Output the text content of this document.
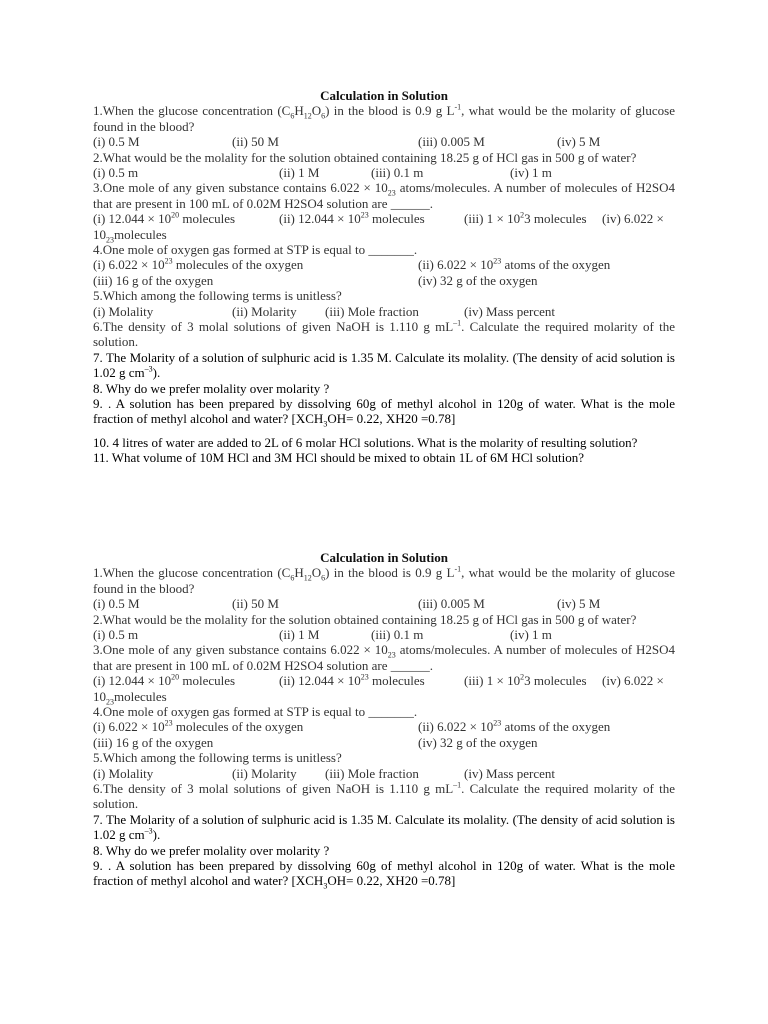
Calculation in Solution
1.When the glucose concentration $(C_6H_{12}O_6)$ in the blood is 0.9 g $L^{-1}$, what would be the molarity of glucose found in the blood?
(i) 0.5 M	(ii) 50 M	(iii) 0.005 M	(iv) 5 M
2.What would be the molality for the solution obtained containing 18.25 g of HCl gas in 500 g of water?
(i) 0.5 m	(ii) 1 M	(iii) 0.1 m	(iv) 1 m
3.One mole of any given substance contains $6.022 \times 10_{23}$ atoms/molecules. A number of molecules of H2SO4 that are present in 100 mL of 0.02M H2SO4 solution are ______.
(i) $12.044 \times 10^{20}$ molecules	(ii) $12.044 \times 10^{23}$ molecules	(iii) $1 \times 10^23$ molecules (iv) 6.022 ×
$10_{23}molecules$
4.One mole of oxygen gas formed at STP is equal to _______.
(i) $6.022 \times 10^{23}$ molecules of the oxygen	(ii) $6.022 \times 10^{23}$ atoms of the oxygen
(iii) 16 g of the oxygen	(iv) 32 g of the oxygen
5.Which among the following terms is unitless?
(i) Molality	(ii) Molarity (iii) Mole fraction	(iv) Mass percent
6.The density of 3 molal solutions of given NaOH is 1.110 g $mL^{-1}$. Calculate the required molarity of the solution.
7. The Molarity of a solution of sulphuric acid is 1.35 M. Calculate its molality. (The density of acid solution is 1.02 g $cm^{-3}$).
8. Why do we prefer molality over molarity ?
9. . A solution has been prepared by dissolving 60g of methyl alcohol in 120g of water. What is the mole fraction of methyl alcohol and water? [$XCH_3OH= 0.22$, XH20 =0.78]
10. 4 litres of water are added to 2L of 6 molar HCl solutions. What is the molarity of resulting solution?
11. What volume of 10M HCl and 3M HCl should be mixed to obtain 1L of 6M HCl solution?
Calculation in Solution
1.When the glucose concentration $(C_6H_{12}O_6)$ in the blood is 0.9 g $L^{-1}$, what would be the molarity of glucose found in the blood?
(i) 0.5 M	(ii) 50 M	(iii) 0.005 M	(iv) 5 M
2.What would be the molality for the solution obtained containing 18.25 g of HCl gas in 500 g of water?
(i) 0.5 m	(ii) 1 M	(iii) 0.1 m	(iv) 1 m
3.One mole of any given substance contains $6.022 \times 10_{23}$ atoms/molecules. A number of molecules of H2SO4 that are present in 100 mL of 0.02M H2SO4 solution are ______.
(i) $12.044 \times 10^{20}$ molecules	(ii) $12.044 \times 10^{23}$ molecules	(iii) $1 \times 10^23$ molecules (iv) 6.022 ×
$10_{23}molecules$
4.One mole of oxygen gas formed at STP is equal to _______.
(i) $6.022 \times 10^{23}$ molecules of the oxygen	(ii) $6.022 \times 10^{23}$ atoms of the oxygen
(iii) 16 g of the oxygen	(iv) 32 g of the oxygen
5.Which among the following terms is unitless?
(i) Molality	(ii) Molarity (iii) Mole fraction	(iv) Mass percent
6.The density of 3 molal solutions of given NaOH is 1.110 g $mL^{-1}$. Calculate the required molarity of the solution.
7. The Molarity of a solution of sulphuric acid is 1.35 M. Calculate its molality. (The density of acid solution is 1.02 g $cm^{-3}$).
8. Why do we prefer molality over molarity ?
9. . A solution has been prepared by dissolving 60g of methyl alcohol in 120g of water. What is the mole fraction of methyl alcohol and water? [$XCH_3OH= 0.22$, XH20 =0.78]
